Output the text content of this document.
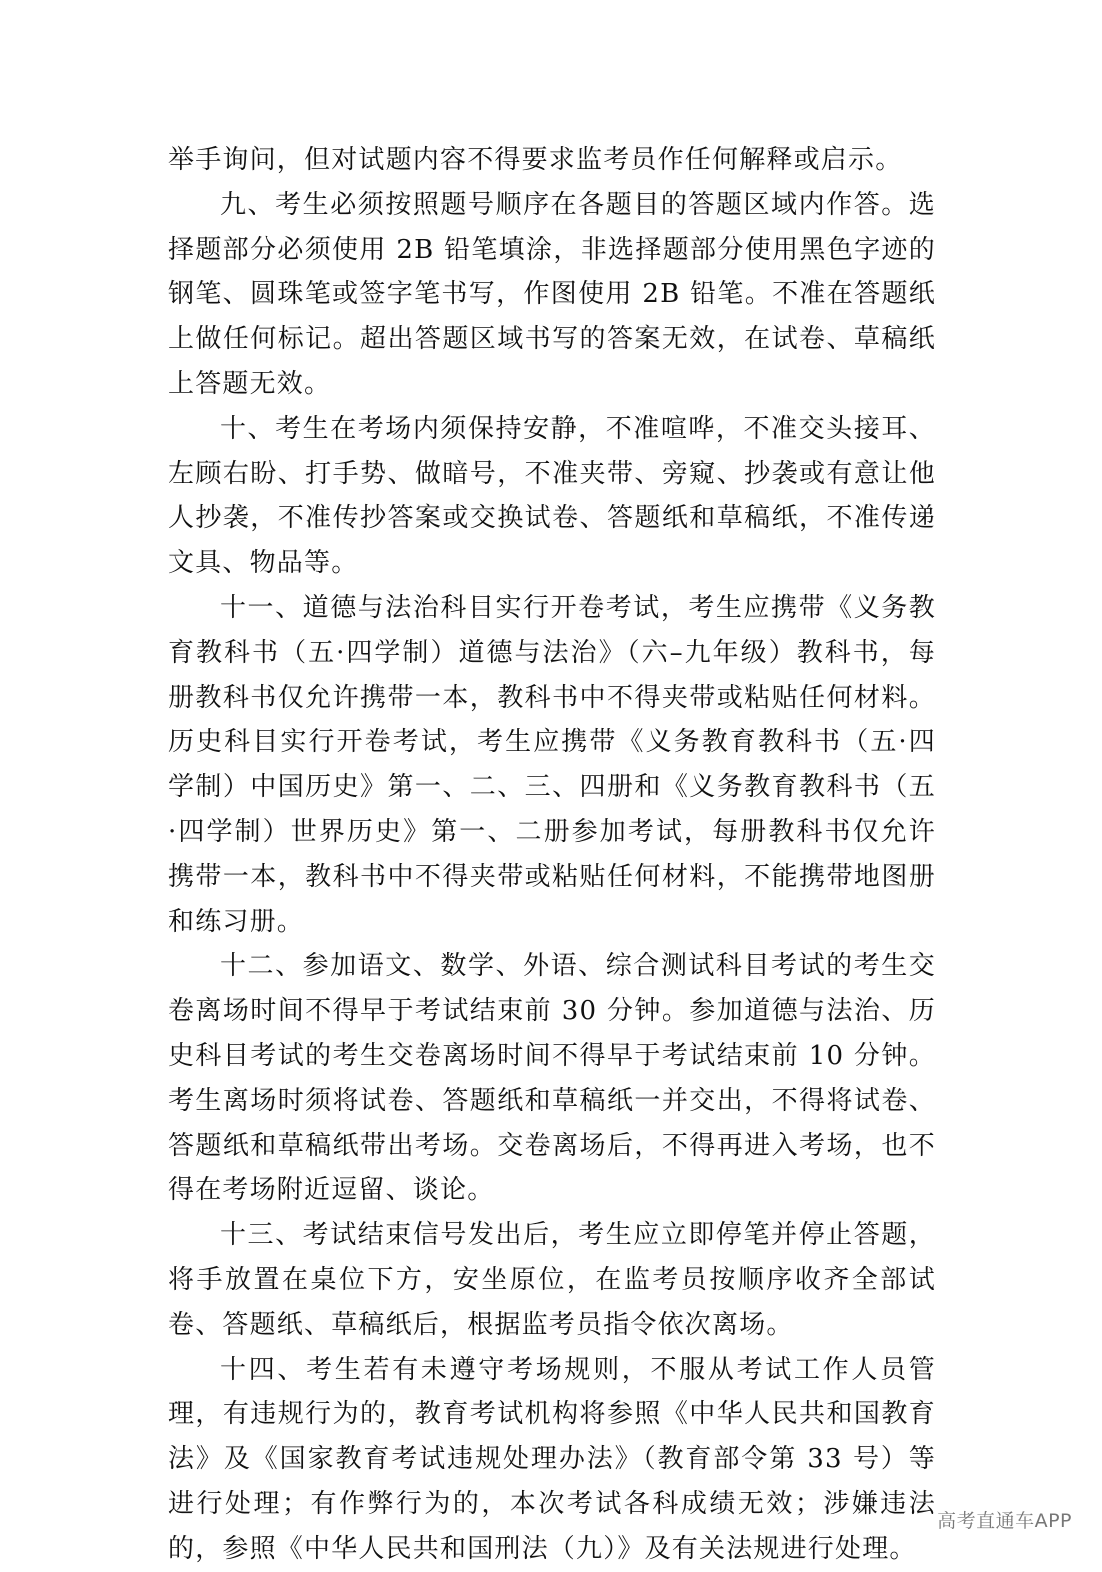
举手询问，但对试题内容不得要求监考员作任何解释或启示。

九、考生必须按照题号顺序在各题目的答题区域内作答。选择题部分必须使用 2B 铅笔填涂，非选择题部分使用黑色字迹的钢笔、圆珠笔或签字笔书写，作图使用 2B 铅笔。不准在答题纸上做任何标记。超出答题区域书写的答案无效，在试卷、草稿纸上答题无效。

十、考生在考场内须保持安静，不准喧哗，不准交头接耳、左顾右盼、打手势、做暗号，不准夹带、旁窥、抄袭或有意让他人抄袭，不准传抄答案或交换试卷、答题纸和草稿纸，不准传递文具、物品等。

十一、道德与法治科目实行开卷考试，考生应携带《义务教育教科书（五·四学制）道德与法治》（六–九年级）教科书，每册教科书仅允许携带一本，教科书中不得夹带或粘贴任何材料。历史科目实行开卷考试，考生应携带《义务教育教科书（五·四学制）中国历史》第一、二、三、四册和《义务教育教科书（五·四学制）世界历史》第一、二册参加考试，每册教科书仅允许携带一本，教科书中不得夹带或粘贴任何材料，不能携带地图册和练习册。

十二、参加语文、数学、外语、综合测试科目考试的考生交卷离场时间不得早于考试结束前 30 分钟。参加道德与法治、历史科目考试的考生交卷离场时间不得早于考试结束前 10 分钟。考生离场时须将试卷、答题纸和草稿纸一并交出，不得将试卷、答题纸和草稿纸带出考场。交卷离场后，不得再进入考场，也不得在考场附近逗留、谈论。

十三、考试结束信号发出后，考生应立即停笔并停止答题，将手放置在桌位下方，安坐原位，在监考员按顺序收齐全部试卷、答题纸、草稿纸后，根据监考员指令依次离场。

十四、考生若有未遵守考场规则，不服从考试工作人员管理，有违规行为的，教育考试机构将参照《中华人民共和国教育法》及《国家教育考试违规处理办法》（教育部令第 33 号）等进行处理；有作弊行为的，本次考试各科成绩无效；涉嫌违法的，参照《中华人民共和国刑法（九）》及有关法规进行处理。

高考直通车APP
